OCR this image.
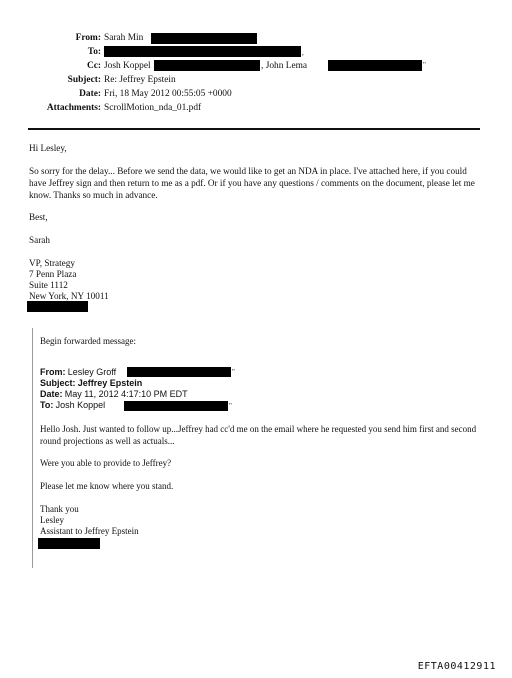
From: Sarah Min
To:	,
Cc: Josh Koppel	, John Lema	"
Subject: Re: Jeffrey Epstein
Date: Fri, 18 May 2012 00:55:05 +0000
Attachments: ScrollMotion_nda_01.pdf
Hi Lesley,
So sorry for the delay... Before we send the data, we would like to get an NDA in place. I've attached here, if you could have Jeffrey sign and then return to me as a pdf. Or if you have any questions / comments on the document, please let me know. Thanks so much in advance.
Best,
Sarah
VP, Strategy
7 Penn Plaza
Suite 1112
New York, NY 10011
Begin forwarded message:
From: Lesley Groff	"
Subject: Jeffrey Epstein
Date: May 11, 2012 4:17:10 PM EDT
To: Josh Koppel	"
Hello Josh. Just wanted to follow up...Jeffrey had cc'd me on the email where he requested you send him first and second round projections as well as actuals...
Were you able to provide to Jeffrey?
Please let me know where you stand.
Thank you
Lesley
Assistant to Jeffrey Epstein
EFTA00412911
